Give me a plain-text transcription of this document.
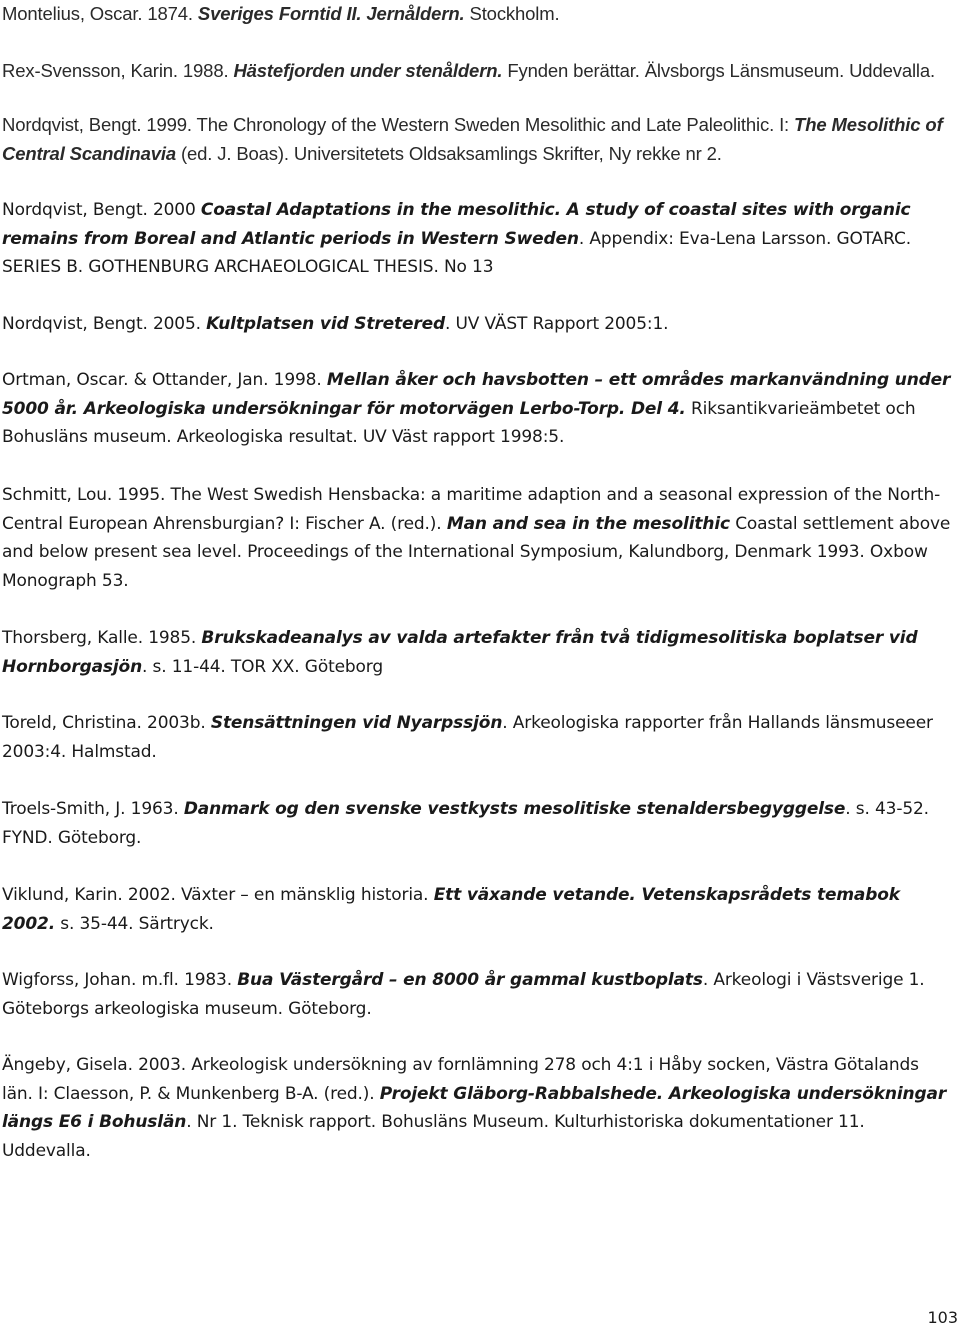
Montelius, Oscar. 1874. Sveriges Forntid II. Jernåldern. Stockholm.

Rex-Svensson, Karin. 1988. Hästefjorden under stenåldern. Fynden berättar. Älvsborgs Länsmuseum. Uddevalla.

Nordqvist, Bengt. 1999. The Chronology of the Western Sweden Mesolithic and Late Paleolithic. I: The Mesolithic of Central Scandinavia (ed. J. Boas). Universitetets Oldsaksamlings Skrifter, Ny rekke nr 2.

Nordqvist, Bengt. 2000 Coastal Adaptations in the mesolithic. A study of coastal sites with organic remains from Boreal and Atlantic periods in Western Sweden. Appendix: Eva-Lena Larsson. GOTARC. SERIES B. GOTHENBURG ARCHAEOLOGICAL THESIS. No 13

Nordqvist, Bengt. 2005. Kultplatsen vid Stretered. UV VÄST Rapport 2005:1.

Ortman, Oscar. & Ottander, Jan. 1998. Mellan åker och havsbotten – ett områdes markanvändning under 5000 år. Arkeologiska undersökningar för motorvägen Lerbo-Torp. Del 4. Riksantikvarieämbetet och Bohusläns museum. Arkeologiska resultat. UV Väst rapport 1998:5.

Schmitt, Lou. 1995. The West Swedish Hensbacka: a maritime adaption and a seasonal expression of the North-Central European Ahrensburgian? I: Fischer A. (red.). Man and sea in the mesolithic Coastal settlement above and below present sea level. Proceedings of the International Symposium, Kalundborg, Denmark 1993. Oxbow Monograph 53.

Thorsberg, Kalle. 1985. Brukskadeanalys av valda artefakter från två tidigmesolitiska boplatser vid Hornborgasjön. s. 11-44. TOR XX. Göteborg

Toreld, Christina. 2003b. Stensättningen vid Nyarpssjön. Arkeologiska rapporter från Hallands länsmuseeer 2003:4. Halmstad.

Troels-Smith, J. 1963. Danmark og den svenske vestkysts mesolitiske stenaldersbegyggelse. s. 43-52. FYND. Göteborg.

Viklund, Karin. 2002. Växter – en mänsklig historia. Ett växande vetande. Vetenskapsrådets temabok 2002. s. 35-44. Särtryck.

Wigforss, Johan. m.fl. 1983. Bua Västergård – en 8000 år gammal kustboplats. Arkeologi i Västsverige 1. Göteborgs arkeologiska museum. Göteborg.

Ängeby, Gisela. 2003. Arkeologisk undersökning av fornlämning 278 och 4:1 i Håby socken, Västra Götalands län. I: Claesson, P. & Munkenberg B-A. (red.). Projekt Gläborg-Rabbalshede. Arkeologiska undersökningar längs E6 i Bohuslän. Nr 1. Teknisk rapport. Bohusläns Museum. Kulturhistoriska dokumentationer 11. Uddevalla.

103
